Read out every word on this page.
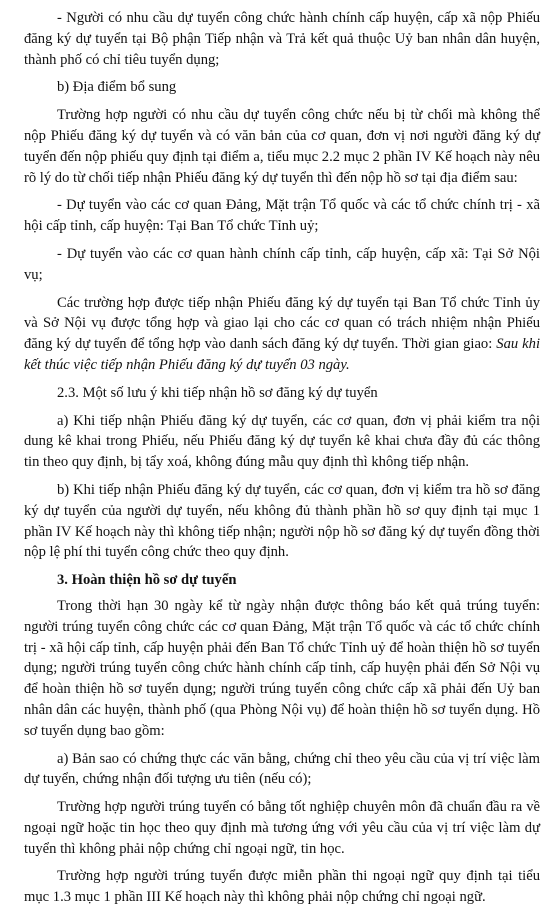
- Người có nhu cầu dự tuyển công chức hành chính cấp huyện, cấp xã nộp Phiếu đăng ký dự tuyển tại Bộ phận Tiếp nhận và Trả kết quả thuộc Uỷ ban nhân dân huyện, thành phố có chỉ tiêu tuyển dụng;

b) Địa điểm bổ sung

Trường hợp người có nhu cầu dự tuyển công chức nếu bị từ chối mà không thể nộp Phiếu đăng ký dự tuyển và có văn bản của cơ quan, đơn vị nơi người đăng ký dự tuyển đến nộp phiếu quy định tại điểm a, tiểu mục 2.2 mục 2 phần IV Kế hoạch này nêu rõ lý do từ chối tiếp nhận Phiếu đăng ký dự tuyển thì đến nộp hồ sơ tại địa điểm sau:

- Dự tuyển vào các cơ quan Đảng, Mặt trận Tổ quốc và các tổ chức chính trị - xã hội cấp tỉnh, cấp huyện: Tại Ban Tổ chức Tỉnh uỷ;

- Dự tuyển vào các cơ quan hành chính cấp tỉnh, cấp huyện, cấp xã: Tại Sở Nội vụ;

Các trường hợp được tiếp nhận Phiếu đăng ký dự tuyển tại Ban Tổ chức Tỉnh ủy và Sở Nội vụ được tổng hợp và giao lại cho các cơ quan có trách nhiệm nhận Phiếu đăng ký dự tuyển để tổng hợp vào danh sách đăng ký dự tuyển. Thời gian giao: Sau khi kết thúc việc tiếp nhận Phiếu đăng ký dự tuyển 03 ngày.

2.3. Một số lưu ý khi tiếp nhận hồ sơ đăng ký dự tuyển

a) Khi tiếp nhận Phiếu đăng ký dự tuyển, các cơ quan, đơn vị phải kiểm tra nội dung kê khai trong Phiếu, nếu Phiếu đăng ký dự tuyển kê khai chưa đầy đủ các thông tin theo quy định, bị tẩy xoá, không đúng mẫu quy định thì không tiếp nhận.

b) Khi tiếp nhận Phiếu đăng ký dự tuyển, các cơ quan, đơn vị kiểm tra hồ sơ đăng ký dự tuyển của người dự tuyển, nếu không đủ thành phần hồ sơ quy định tại mục 1 phần IV Kế hoạch này thì không tiếp nhận; người nộp hồ sơ đăng ký dự tuyển đồng thời nộp lệ phí thi tuyển công chức theo quy định.

3. Hoàn thiện hồ sơ dự tuyển

Trong thời hạn 30 ngày kể từ ngày nhận được thông báo kết quả trúng tuyển: người trúng tuyển công chức các cơ quan Đảng, Mặt trận Tổ quốc và các tổ chức chính trị - xã hội cấp tỉnh, cấp huyện phải đến Ban Tổ chức Tỉnh uỷ để hoàn thiện hồ sơ tuyển dụng; người trúng tuyển công chức hành chính cấp tỉnh, cấp huyện phải đến Sở Nội vụ để hoàn thiện hồ sơ tuyển dụng; người trúng tuyển công chức cấp xã phải đến Uỷ ban nhân dân các huyện, thành phố (qua Phòng Nội vụ) để hoàn thiện hồ sơ tuyển dụng. Hồ sơ tuyển dụng bao gồm:

a) Bản sao có chứng thực các văn bằng, chứng chỉ theo yêu cầu của vị trí việc làm dự tuyển, chứng nhận đối tượng ưu tiên (nếu có);

Trường hợp người trúng tuyển có bằng tốt nghiệp chuyên môn đã chuẩn đầu ra về ngoại ngữ hoặc tin học theo quy định mà tương ứng với yêu cầu của vị trí việc làm dự tuyển thì không phải nộp chứng chỉ ngoại ngữ, tin học.

Trường hợp người trúng tuyển được miễn phần thi ngoại ngữ quy định tại tiểu mục 1.3 mục 1 phần III Kế hoạch này thì không phải nộp chứng chỉ ngoại ngữ.
